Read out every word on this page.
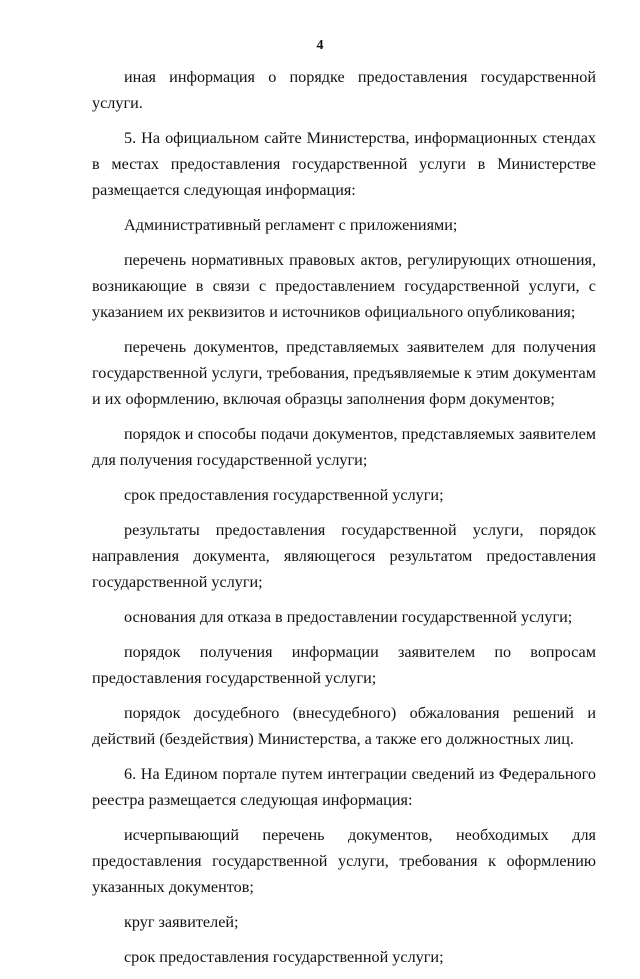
4

иная информация о порядке предоставления государственной услуги.

5. На официальном сайте Министерства, информационных стендах в местах предоставления государственной услуги в Министерстве размещается следующая информация:

Административный регламент с приложениями;

перечень нормативных правовых актов, регулирующих отношения, возникающие в связи с предоставлением государственной услуги, с указанием их реквизитов и источников официального опубликования;

перечень документов, представляемых заявителем для получения государственной услуги, требования, предъявляемые к этим документам и их оформлению, включая образцы заполнения форм документов;

порядок и способы подачи документов, представляемых заявителем для получения государственной услуги;

срок предоставления государственной услуги;

результаты предоставления государственной услуги, порядок направления документа, являющегося результатом предоставления государственной услуги;

основания для отказа в предоставлении государственной услуги;

порядок получения информации заявителем по вопросам предоставления государственной услуги;

порядок досудебного (внесудебного) обжалования решений и действий (бездействия) Министерства, а также его должностных лиц.

6. На Едином портале путем интеграции сведений из Федерального реестра размещается следующая информация:

исчерпывающий перечень документов, необходимых для предоставления государственной услуги, требования к оформлению указанных документов;

круг заявителей;

срок предоставления государственной услуги;
